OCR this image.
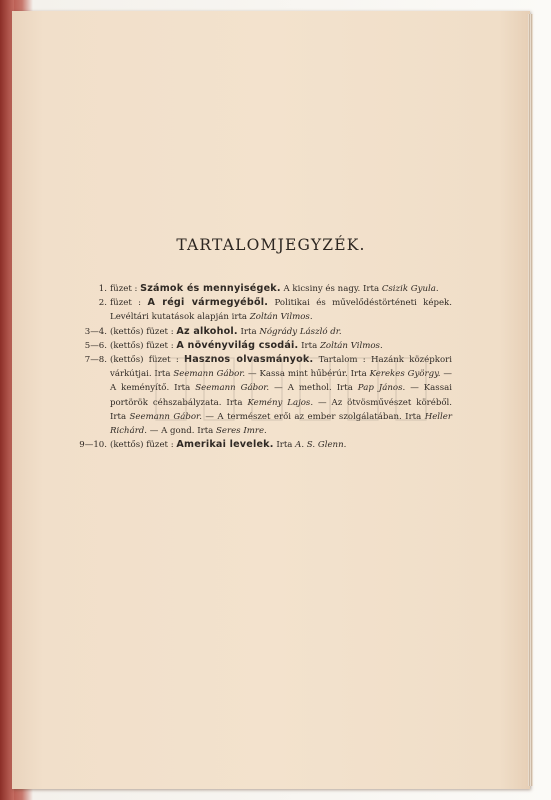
TARTALOMJEGYZÉK.
1. füzet : Számok és mennyiségek. A kicsiny és nagy. Irta Csizik Gyula.
2. füzet : A régi vármegyéből. Politikai és művelődéstörténeti képek. Levéltári kutatások alapján irta Zoltán Vilmos.
3—4. (kettős) füzet : Az alkohol. Irta Nógrády László dr.
5—6. (kettős) füzet : A növényvilág csodái. Irta Zoltán Vilmos.
7—8. (kettős) füzet : Hasznos olvasmányok. Tartalom : Hazánk középkori várkútjai. Irta Seemann Gábor. — Kassa mint hűbérúr. Irta Kerekes György. — A keményítő. Irta Seemann Gábor. — A methol. Irta Pap János. — Kassai portörök céhszabályzata. Irta Kemény Lajos. — Az ötvösművészet köréből. Irta Seemann Gábor. — A természet erői az ember szolgálatában. Irta Heller Richárd. — A gond. Irta Seres Imre.
9—10. (kettős) füzet : Amerikai levelek. Irta A. S. Glenn.
